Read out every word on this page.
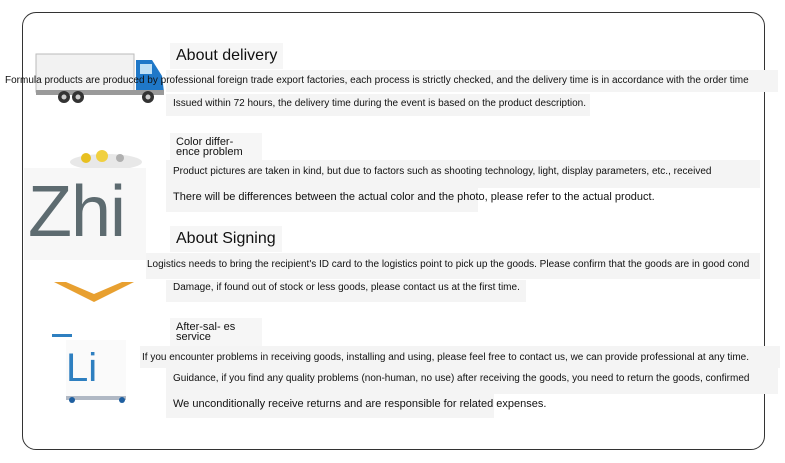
About delivery
Formula products are produced by professional foreign trade export factories, each process is strictly checked, and the delivery time is in accordance with the order time
Issued within 72 hours, the delivery time during the event is based on the product description.
Color differ- ence problem
Product pictures are taken in kind, but due to factors such as shooting technology, light, display parameters, etc., received
There will be differences between the actual color and the photo, please refer to the actual product.
Zhi	About Signing
Logistics needs to bring the recipient's ID card to the logistics point to pick up the goods. Please confirm that the goods are in good cond
Damage, if found out of stock or less goods, please contact us at the first time.
Li
After-sal- es service
If you encounter problems in receiving goods, installing and using, please feel free to contact us, we can provide professional at any time.
Guidance, if you find any quality problems (non-human, no use) after receiving the goods, you need to return the goods, confirmed
We unconditionally receive returns and are responsible for related expenses.
